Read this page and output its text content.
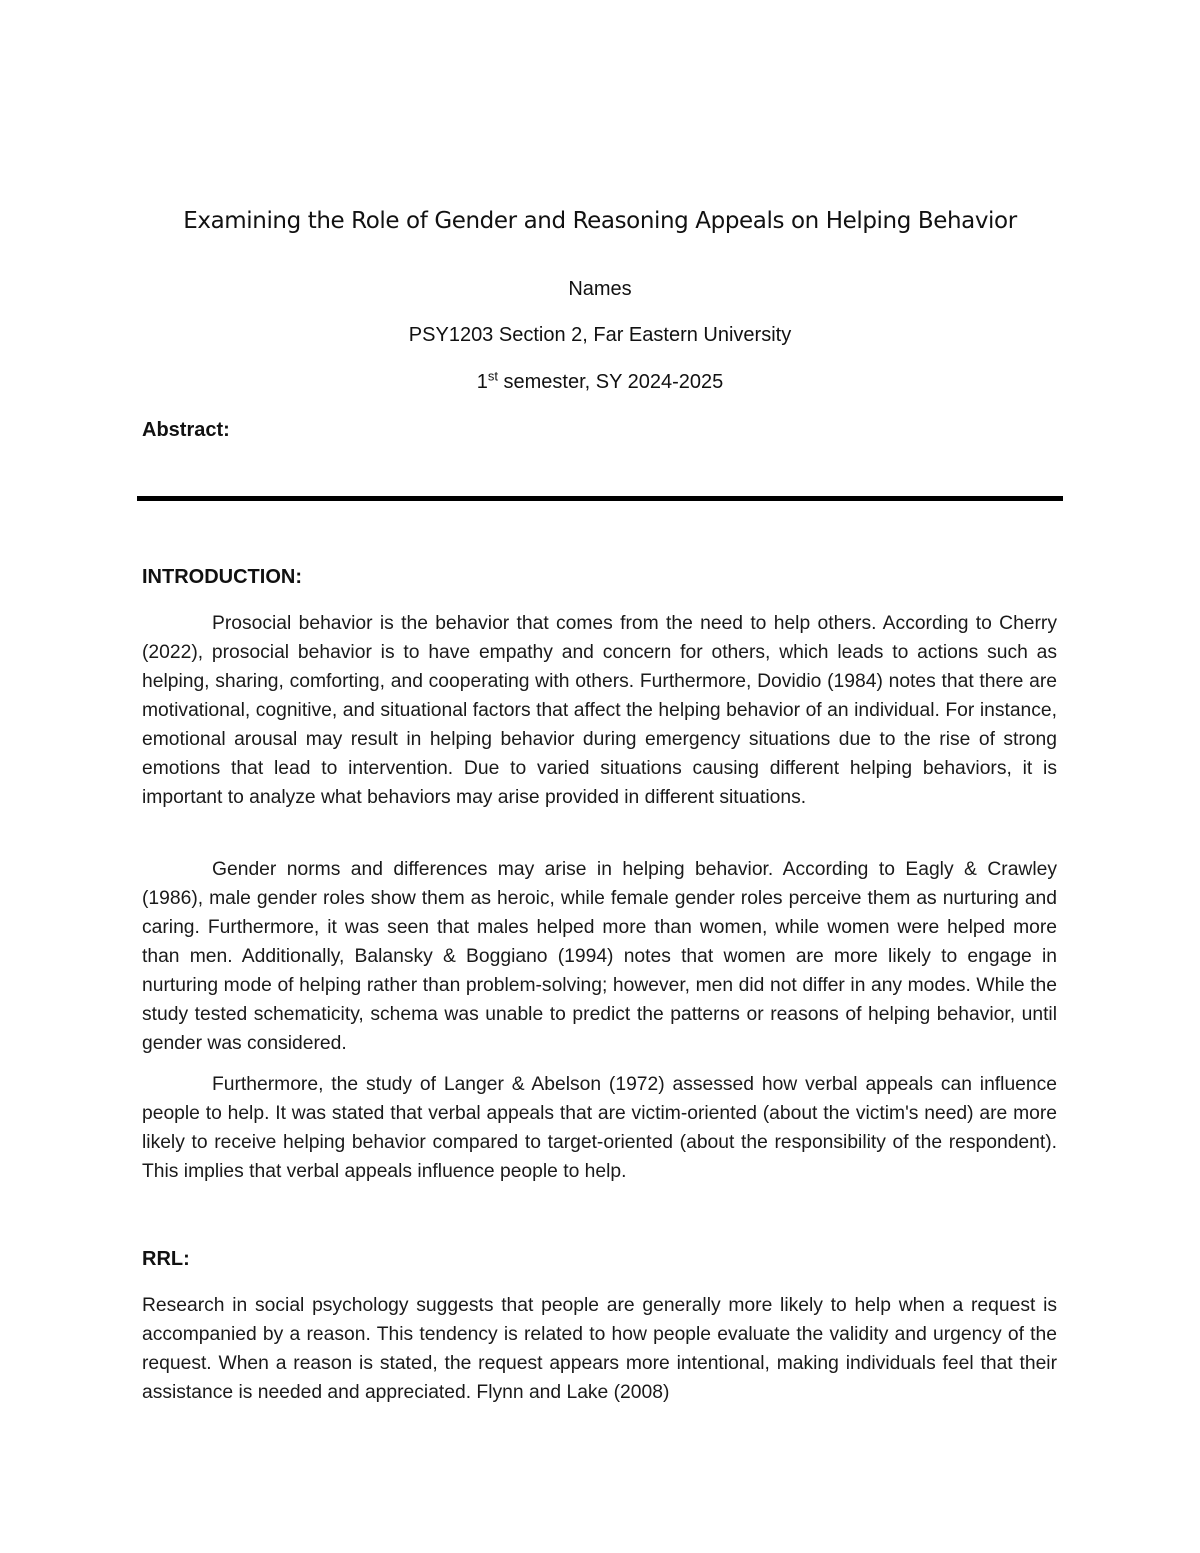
Examining the Role of Gender and Reasoning Appeals on Helping Behavior
Names
PSY1203 Section 2, Far Eastern University
1st semester, SY 2024-2025
Abstract:
INTRODUCTION:

Prosocial behavior is the behavior that comes from the need to help others. According to Cherry (2022), prosocial behavior is to have empathy and concern for others, which leads to actions such as helping, sharing, comforting, and cooperating with others. Furthermore, Dovidio (1984) notes that there are motivational, cognitive, and situational factors that affect the helping behavior of an individual. For instance, emotional arousal may result in helping behavior during emergency situations due to the rise of strong emotions that lead to intervention. Due to varied situations causing different helping behaviors, it is important to analyze what behaviors may arise provided in different situations.

Gender norms and differences may arise in helping behavior. According to Eagly & Crawley (1986), male gender roles show them as heroic, while female gender roles perceive them as nurturing and caring. Furthermore, it was seen that males helped more than women, while women were helped more than men. Additionally, Balansky & Boggiano (1994) notes that women are more likely to engage in nurturing mode of helping rather than problem-solving; however, men did not differ in any modes. While the study tested schematicity, schema was unable to predict the patterns or reasons of helping behavior, until gender was considered.

Furthermore, the study of Langer & Abelson (1972) assessed how verbal appeals can influence people to help. It was stated that verbal appeals that are victim-oriented (about the victim's need) are more likely to receive helping behavior compared to target-oriented (about the responsibility of the respondent). This implies that verbal appeals influence people to help.

RRL:

Research in social psychology suggests that people are generally more likely to help when a request is accompanied by a reason. This tendency is related to how people evaluate the validity and urgency of the request. When a reason is stated, the request appears more intentional, making individuals feel that their assistance is needed and appreciated. Flynn and Lake (2008)
